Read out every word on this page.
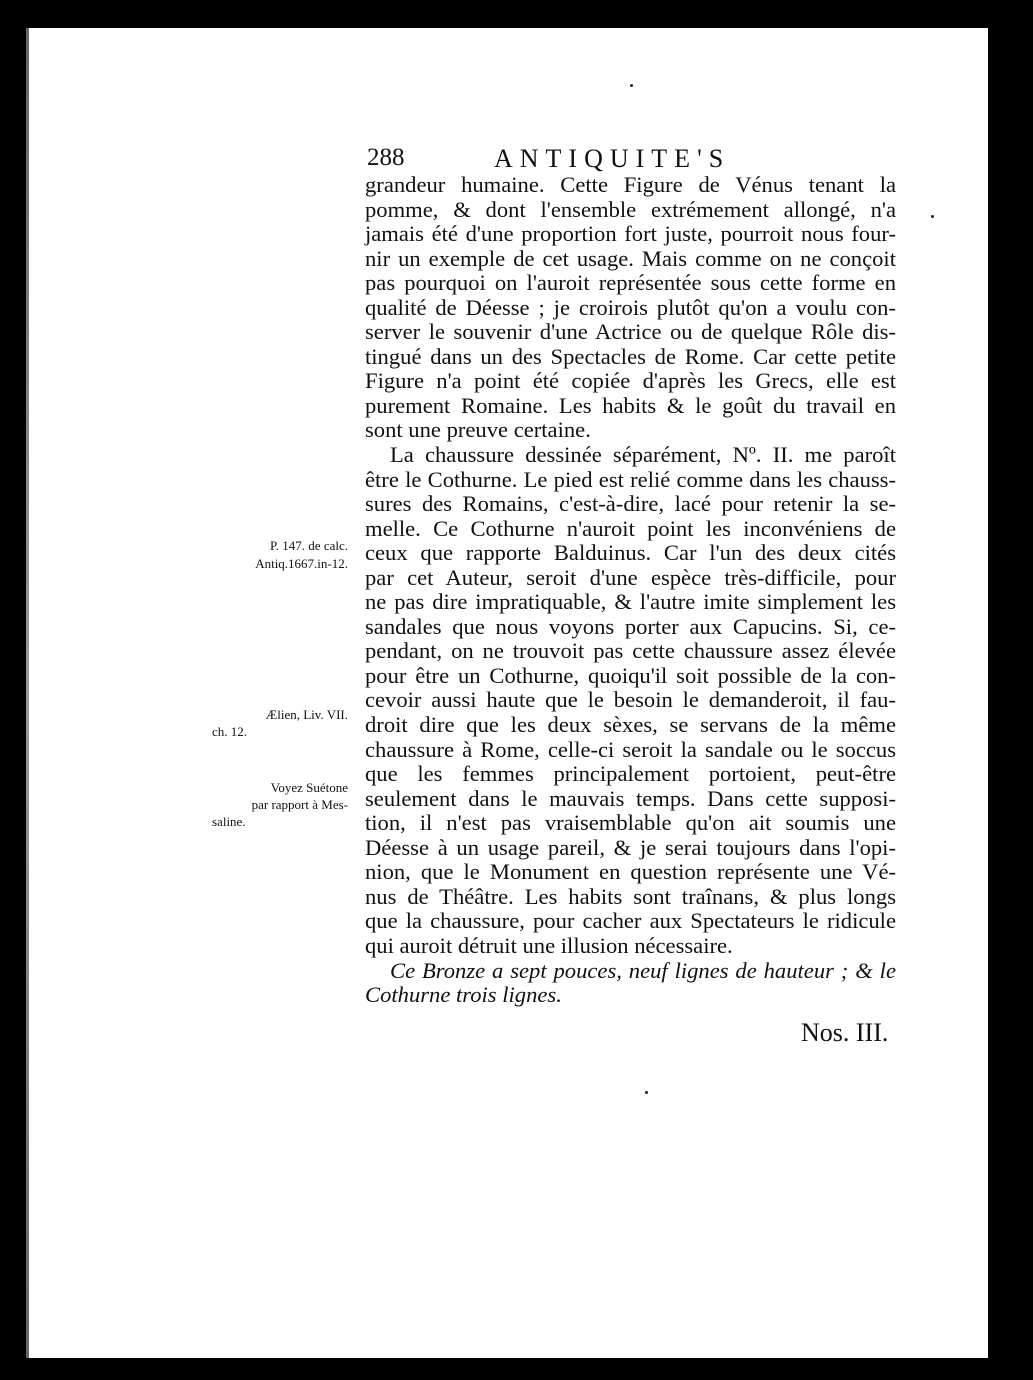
288	ANTIQUITE'S
grandeur humaine. Cette Figure de Vénus tenant la
pomme, & dont l'ensemble extrémement allongé, n'a
jamais été d'une proportion fort juste, pourroit nous four-
nir un exemple de cet usage. Mais comme on ne conçoit
pas pourquoi on l'auroit représentée sous cette forme en
qualité de Déesse ; je croirois plutôt qu'on a voulu con-
server le souvenir d'une Actrice ou de quelque Rôle dis-
tingué dans un des Spectacles de Rome. Car cette petite
Figure n'a point été copiée d'après les Grecs, elle est
purement Romaine. Les habits & le goût du travail en
sont une preuve certaine.
La chaussure dessinée séparément, Nº. II. me paroît
être le Cothurne. Le pied est relié comme dans les chauss-
sures des Romains, c'est-à-dire, lacé pour retenir la se-
melle. Ce Cothurne n'auroit point les inconvéniens de
ceux que rapporte Balduinus. Car l'un des deux cités
par cet Auteur, seroit d'une espèce très-difficile, pour
ne pas dire impratiquable, & l'autre imite simplement les
sandales que nous voyons porter aux Capucins. Si, ce-
pendant, on ne trouvoit pas cette chaussure assez élevée
pour être un Cothurne, quoiqu'il soit possible de la con-
cevoir aussi haute que le besoin le demanderoit, il fau-
droit dire que les deux sèxes, se servans de la même
chaussure à Rome, celle-ci seroit la sandale ou le soccus
que les femmes principalement portoient, peut-être
seulement dans le mauvais temps. Dans cette supposi-
tion, il n'est pas vraisemblable qu'on ait soumis une
Déesse à un usage pareil, & je serai toujours dans l'opi-
nion, que le Monument en question représente une Vé-
nus de Théâtre. Les habits sont traînans, & plus longs
que la chaussure, pour cacher aux Spectateurs le ridicule
qui auroit détruit une illusion nécessaire.
Ce Bronze a sept pouces, neuf lignes de hauteur ; & le
Cothurne trois lignes.
P. 147. de calc.
Antiq.1667.in-12.
Ælien, Liv. VII.
ch. 12.
Voyez Suétone
par rapport à Mes-
saline.
Nos. III.
